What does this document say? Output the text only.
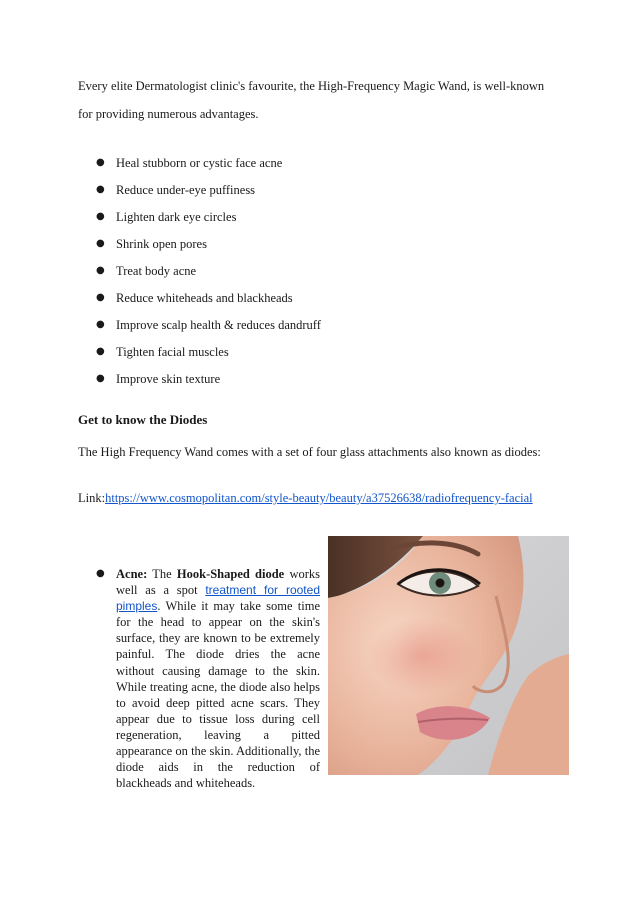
Every elite Dermatologist clinic's favourite, the High-Frequency Magic Wand, is well-known

for providing numerous advantages.

● Heal stubborn or cystic face acne
● Reduce under-eye puffiness
● Lighten dark eye circles
● Shrink open pores
● Treat body acne
● Reduce whiteheads and blackheads
● Improve scalp health & reduces dandruff
● Tighten facial muscles
● Improve skin texture
Get to know the Diodes

The High Frequency Wand comes with a set of four glass attachments also known as diodes:

Link:https://www.cosmopolitan.com/style-beauty/beauty/a37526638/radiofrequency-facial

● Acne: The Hook-Shaped diode works well as a spot treatment for rooted pimples. While it may take some time for the head to appear on the skin's surface, they are known to be extremely painful. The diode dries the acne without causing damage to the skin. While treating acne, the diode also helps to avoid deep pitted acne scars. They appear due to tissue loss during cell regeneration, leaving a pitted appearance on the skin. Additionally, the diode aids in the reduction of blackheads and whiteheads.
